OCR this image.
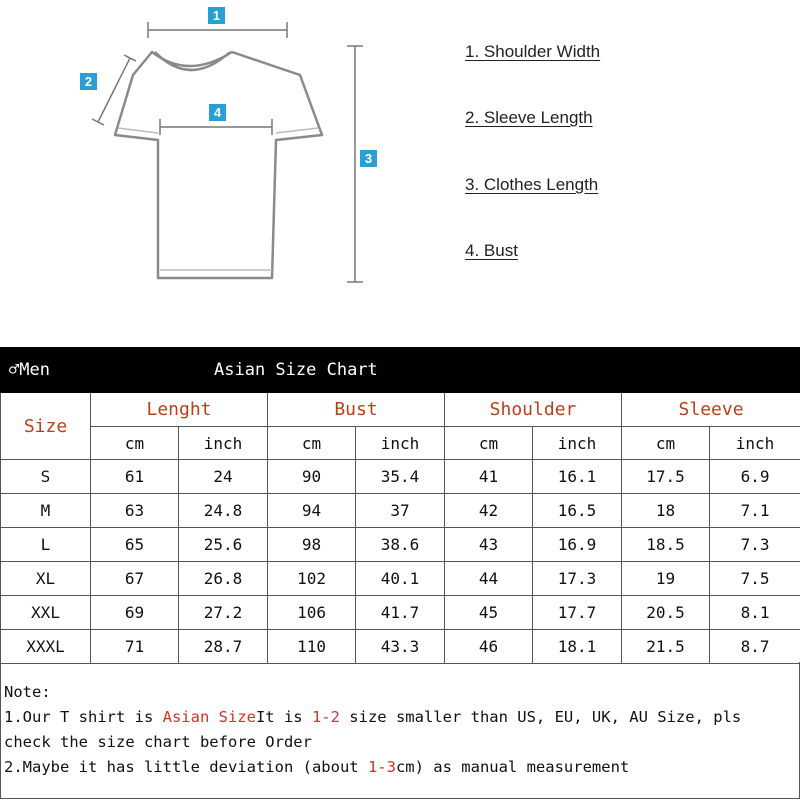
1
2
3
4
1. Shoulder Width
2. Sleeve Length
3. Clothes Length
4. Bust
♂Men		Asian Size Chart						
Size	Lenght		Bust		Shoulder		Sleeve	
	cm	inch	cm	inch	cm	inch	cm	inch
S	61	24	90	35.4	41	16.1	17.5	6.9
M	63	24.8	94	37	42	16.5	18	7.1
L	65	25.6	98	38.6	43	16.9	18.5	7.3
XL	67	26.8	102	40.1	44	17.3	19	7.5
XXL	69	27.2	106	41.7	45	17.7	20.5	8.1
XXXL	71	28.7	110	43.3	46	18.1	21.5	8.7
Note:
1.Our T shirt is Asian SizeIt is 1-2 size smaller than US, EU, UK, AU Size, pls
check the size chart before Order
2.Maybe it has little deviation (about 1-3cm) as manual measurement
